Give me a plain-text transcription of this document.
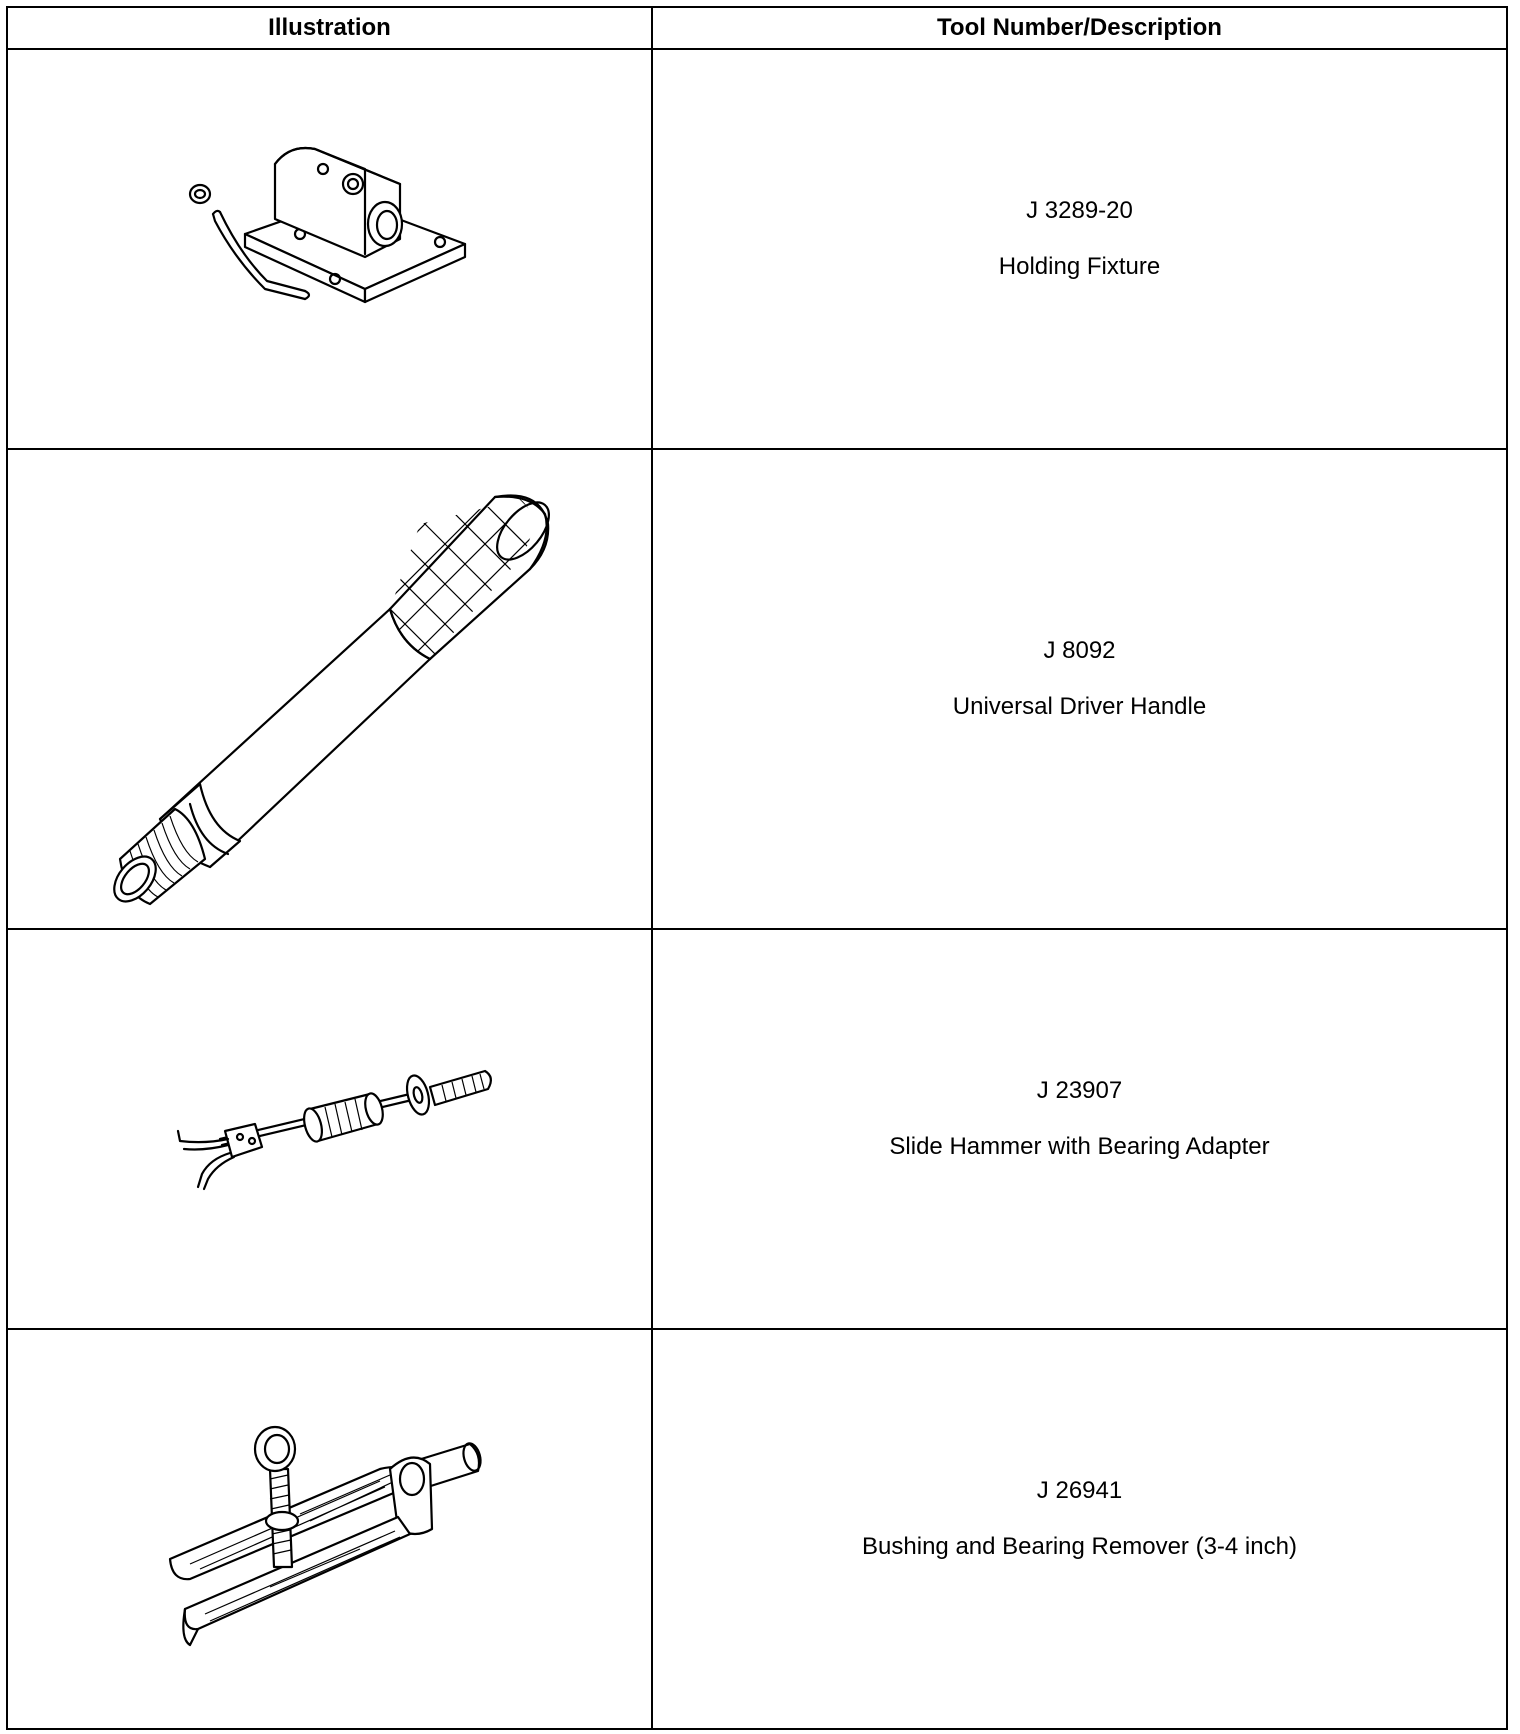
Illustration	Tool Number/Description

J 3289-20
Holding Fixture

J 8092
Universal Driver Handle

J 23907
Slide Hammer with Bearing Adapter

J 26941
Bushing and Bearing Remover (3-4 inch)
